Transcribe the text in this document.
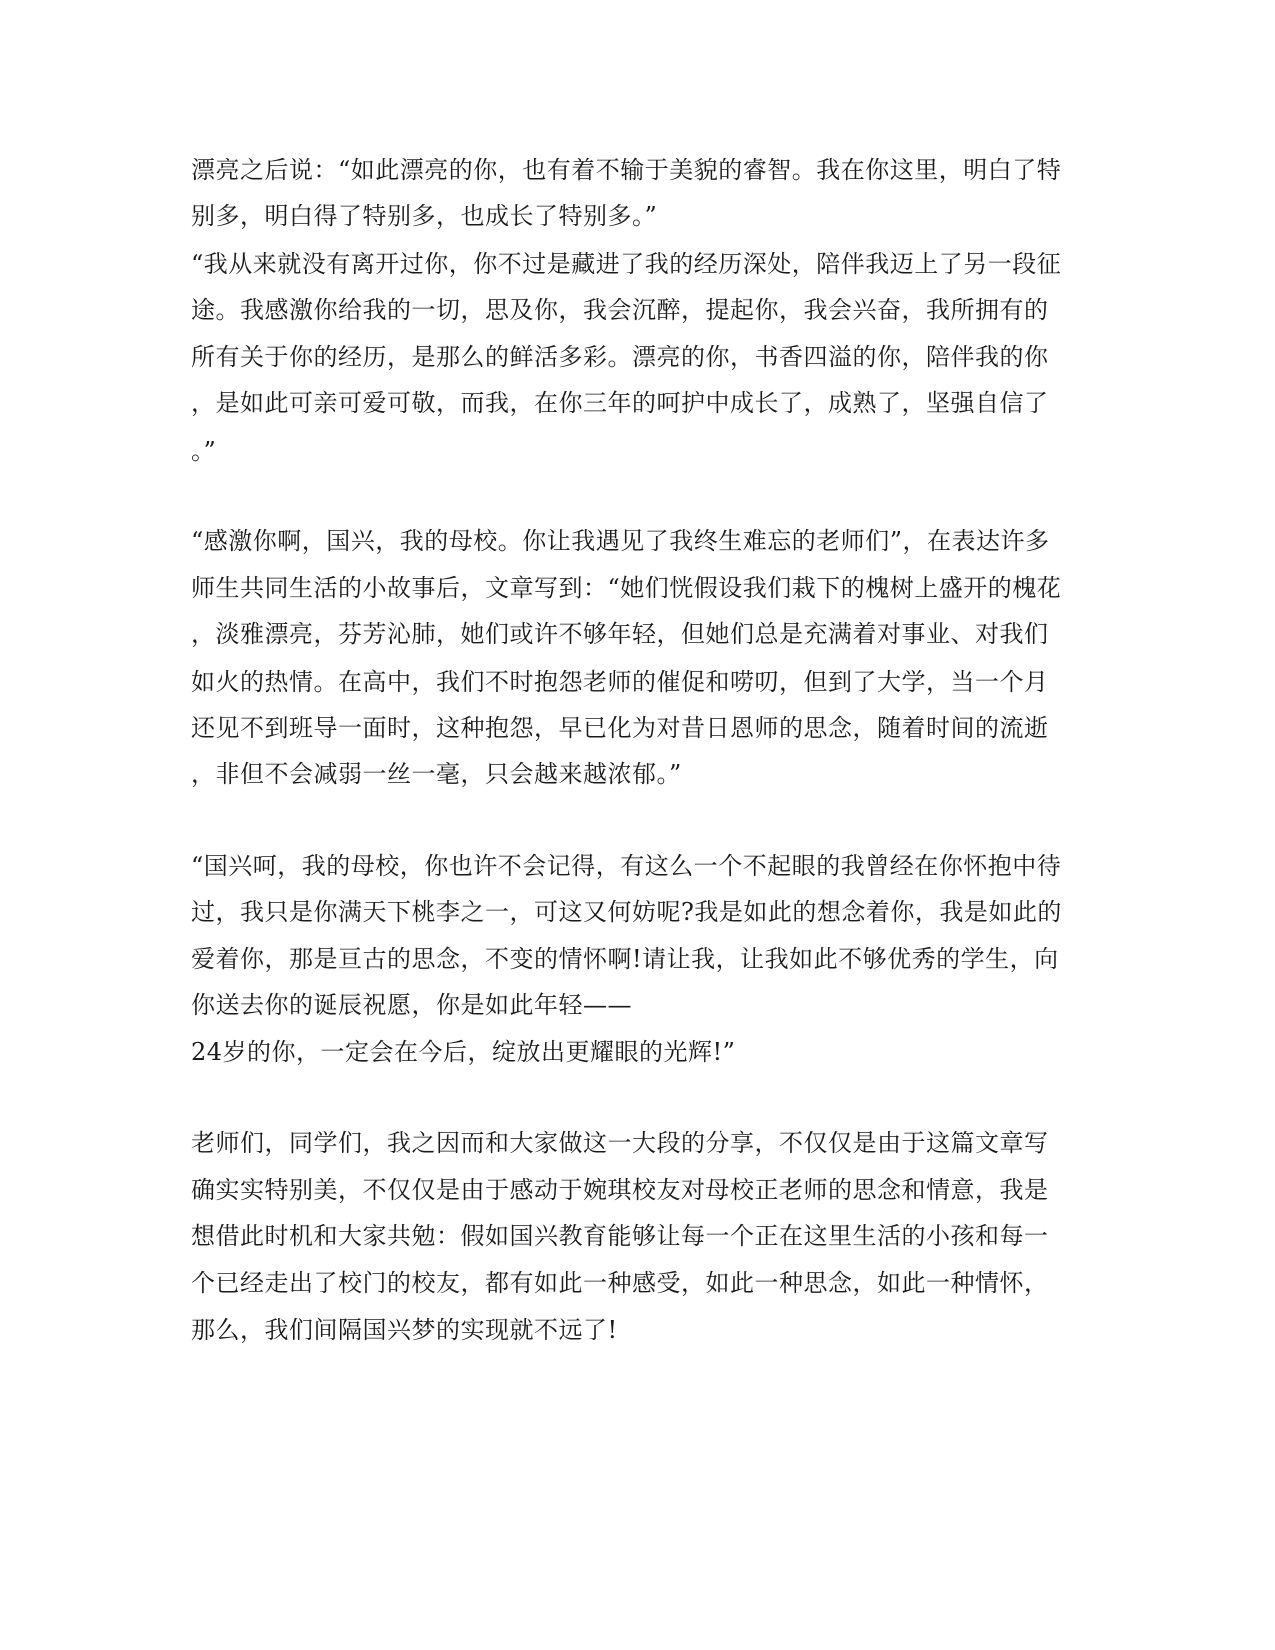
漂亮之后说：“如此漂亮的你，也有着不输于美貌的睿智。我在你这里，明白了特
别多，明白得了特别多，也成长了特别多。”
“我从来就没有离开过你，你不过是藏进了我的经历深处，陪伴我迈上了另一段征
途。我感激你给我的一切，思及你，我会沉醉，提起你，我会兴奋，我所拥有的
所有关于你的经历，是那么的鲜活多彩。漂亮的你，书香四溢的你，陪伴我的你
，是如此可亲可爱可敬，而我，在你三年的呵护中成长了，成熟了，坚强自信了
。”
“感激你啊，国兴，我的母校。你让我遇见了我终生难忘的老师们”，在表达许多
师生共同生活的小故事后，文章写到：“她们恍假设我们栽下的槐树上盛开的槐花
，淡雅漂亮，芬芳沁肺，她们或许不够年轻，但她们总是充满着对事业、对我们
如火的热情。在高中，我们不时抱怨老师的催促和唠叨，但到了大学，当一个月
还见不到班导一面时，这种抱怨，早已化为对昔日恩师的思念，随着时间的流逝
，非但不会减弱一丝一毫，只会越来越浓郁。”
“国兴呵，我的母校，你也许不会记得，有这么一个不起眼的我曾经在你怀抱中待
过，我只是你满天下桃李之一，可这又何妨呢?我是如此的想念着你，我是如此的
爱着你，那是亘古的思念，不变的情怀啊!请让我，让我如此不够优秀的学生，向
你送去你的诞辰祝愿，你是如此年轻——
24岁的你，一定会在今后，绽放出更耀眼的光辉!”
老师们，同学们，我之因而和大家做这一大段的分享，不仅仅是由于这篇文章写
确实实特别美，不仅仅是由于感动于婉琪校友对母校正老师的思念和情意，我是
想借此时机和大家共勉：假如国兴教育能够让每一个正在这里生活的小孩和每一
个已经走出了校门的校友，都有如此一种感受，如此一种思念，如此一种情怀，
那么，我们间隔国兴梦的实现就不远了!
